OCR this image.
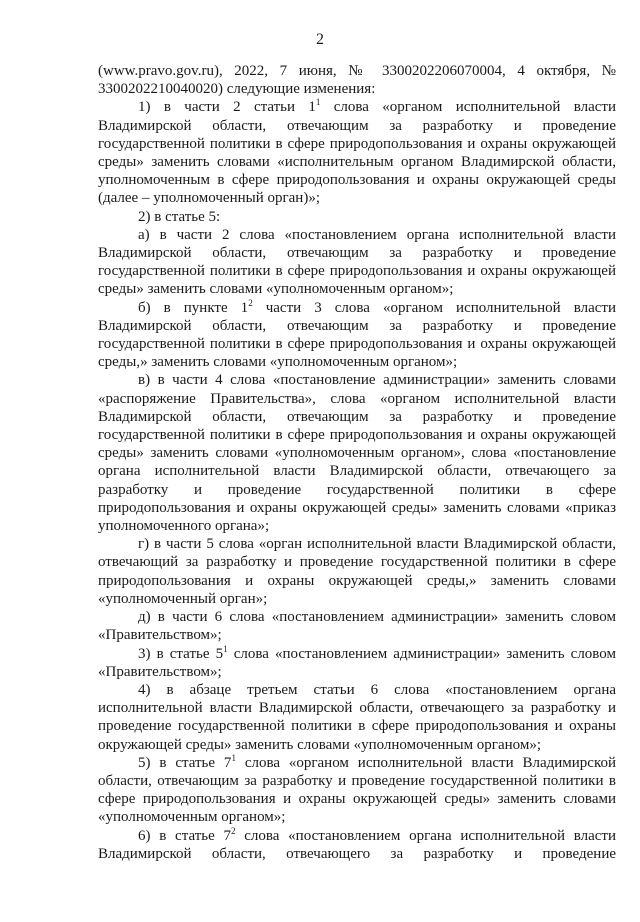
2

(www.pravo.gov.ru), 2022, 7 июня, № 3300202206070004, 4 октября, № 3300202210040020) следующие изменения:

1) в части 2 статьи $1^1$ слова «органом исполнительной власти Владимирской области, отвечающим за разработку и проведение государственной политики в сфере природопользования и охраны окружающей среды» заменить словами «исполнительным органом Владимирской области, уполномоченным в сфере природопользования и охраны окружающей среды (далее – уполномоченный орган)»;

2) в статье 5:

а) в части 2 слова «постановлением органа исполнительной власти Владимирской области, отвечающим за разработку и проведение государственной политики в сфере природопользования и охраны окружающей среды» заменить словами «уполномоченным органом»;

б) в пункте $1^2$ части 3 слова «органом исполнительной власти Владимирской области, отвечающим за разработку и проведение государственной политики в сфере природопользования и охраны окружающей среды,» заменить словами «уполномоченным органом»;

в) в части 4 слова «постановление администрации» заменить словами «распоряжение Правительства», слова «органом исполнительной власти Владимирской области, отвечающим за разработку и проведение государственной политики в сфере природопользования и охраны окружающей среды» заменить словами «уполномоченным органом», слова «постановление органа исполнительной власти Владимирской области, отвечающего за разработку и проведение государственной политики в сфере природопользования и охраны окружающей среды» заменить словами «приказ уполномоченного органа»;

г) в части 5 слова «орган исполнительной власти Владимирской области, отвечающий за разработку и проведение государственной политики в сфере природопользования и охраны окружающей среды,» заменить словами «уполномоченный орган»;

д) в части 6 слова «постановлением администрации» заменить словом «Правительством»;

3) в статье $5^1$ слова «постановлением администрации» заменить словом «Правительством»;

4) в абзаце третьем статьи 6 слова «постановлением органа исполнительной власти Владимирской области, отвечающего за разработку и проведение государственной политики в сфере природопользования и охраны окружающей среды» заменить словами «уполномоченным органом»;

5) в статье $7^1$ слова «органом исполнительной власти Владимирской области, отвечающим за разработку и проведение государственной политики в сфере природопользования и охраны окружающей среды» заменить словами «уполномоченным органом»;

6) в статье $7^2$ слова «постановлением органа исполнительной власти Владимирской области, отвечающего за разработку и проведение
